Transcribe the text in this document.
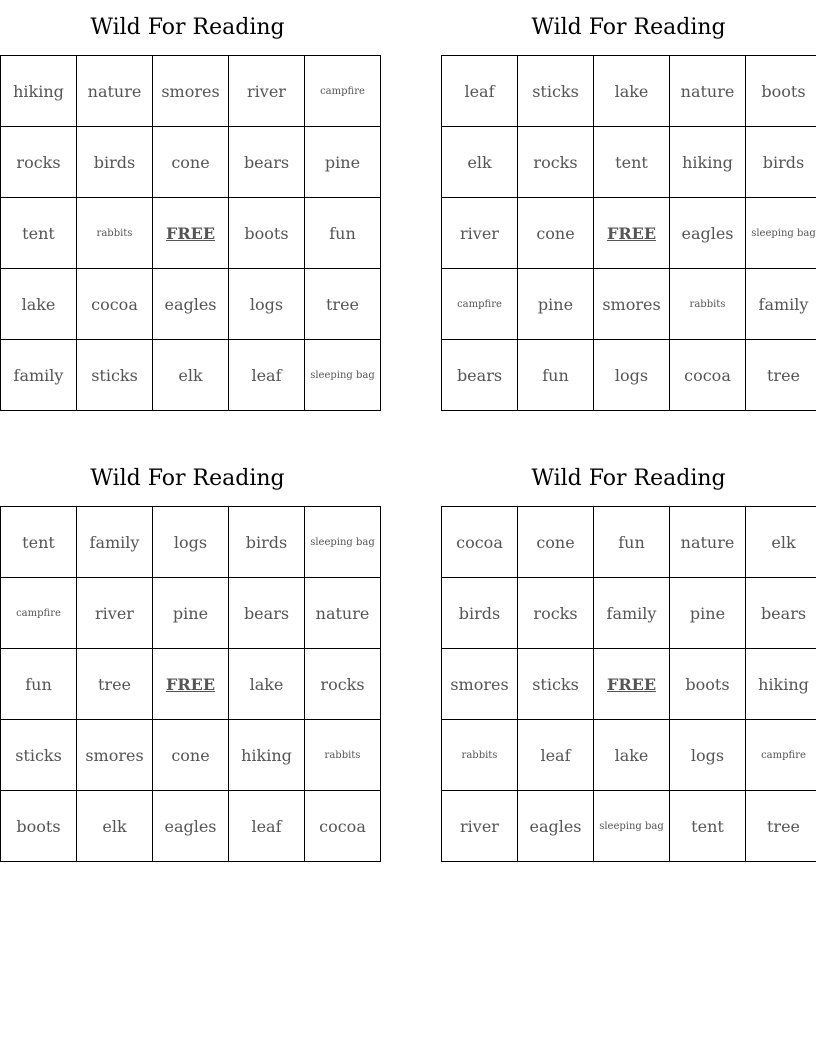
Wild For Reading
hiking	nature	smores	river	campfire
rocks	birds	cone	bears	pine
tent	rabbits	FREE	boots	fun
lake	cocoa	eagles	logs	tree
family	sticks	elk	leaf	sleeping bag
Wild For Reading
leaf	sticks	lake	nature	boots
elk	rocks	tent	hiking	birds
river	cone	FREE	eagles	sleeping bag
campfire	pine	smores	rabbits	family
bears	fun	logs	cocoa	tree
Wild For Reading
tent	family	logs	birds	sleeping bag
campfire	river	pine	bears	nature
fun	tree	FREE	lake	rocks
sticks	smores	cone	hiking	rabbits
boots	elk	eagles	leaf	cocoa
Wild For Reading
cocoa	cone	fun	nature	elk
birds	rocks	family	pine	bears
smores	sticks	FREE	boots	hiking
rabbits	leaf	lake	logs	campfire
river	eagles	sleeping bag	tent	tree
